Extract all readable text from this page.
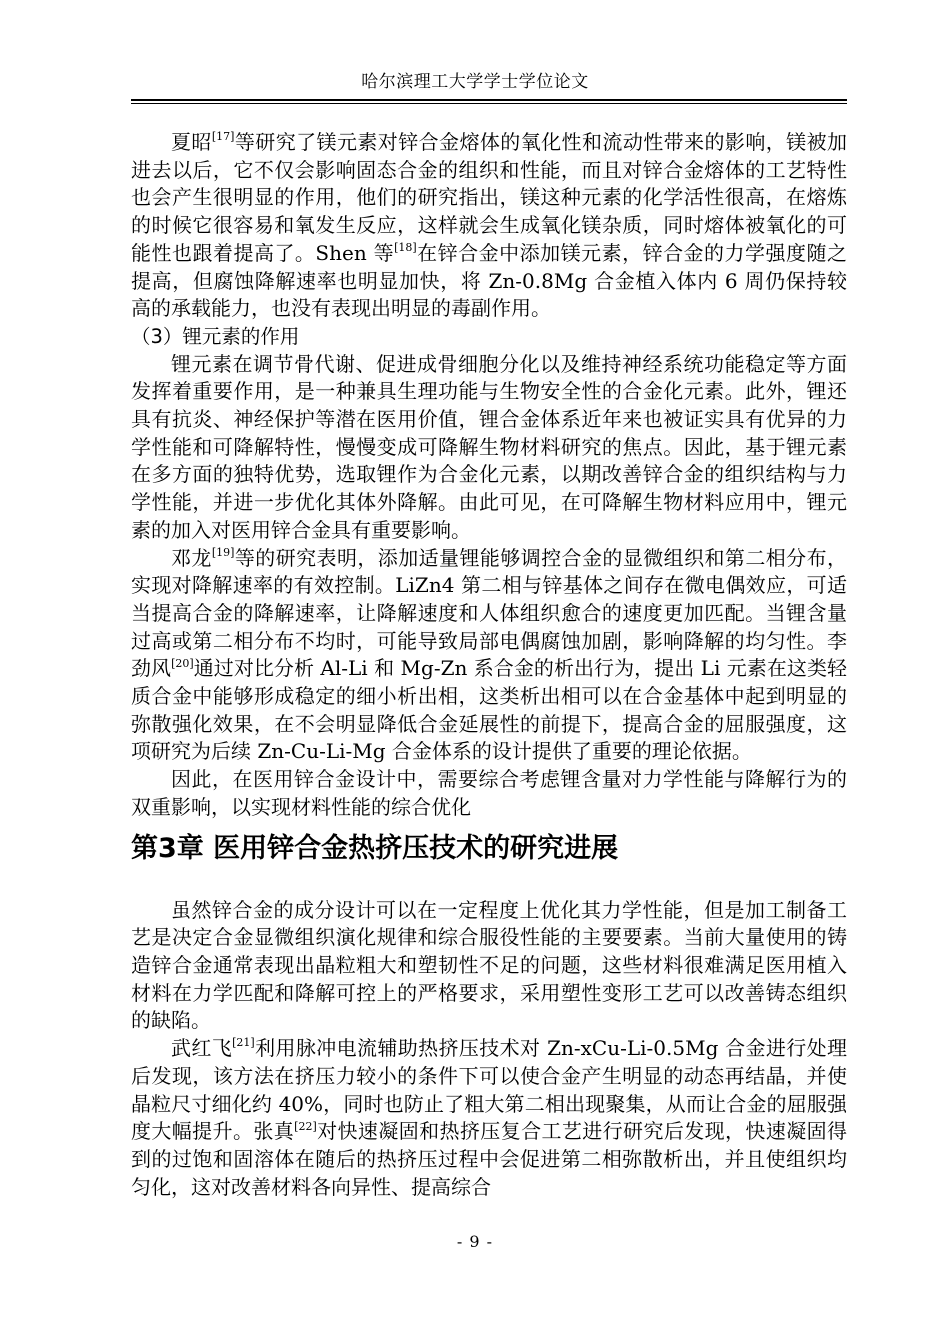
哈尔滨理工大学学士学位论文

夏昭[17]等研究了镁元素对锌合金熔体的氧化性和流动性带来的影响，镁被加进去以后，它不仅会影响固态合金的组织和性能，而且对锌合金熔体的工艺特性也会产生很明显的作用，他们的研究指出，镁这种元素的化学活性很高，在熔炼的时候它很容易和氧发生反应，这样就会生成氧化镁杂质，同时熔体被氧化的可能性也跟着提高了。Shen 等[18]在锌合金中添加镁元素，锌合金的力学强度随之提高，但腐蚀降解速率也明显加快，将 Zn-0.8Mg 合金植入体内 6 周仍保持较高的承载能力，也没有表现出明显的毒副作用。

（3）锂元素的作用

锂元素在调节骨代谢、促进成骨细胞分化以及维持神经系统功能稳定等方面发挥着重要作用，是一种兼具生理功能与生物安全性的合金化元素。此外，锂还具有抗炎、神经保护等潜在医用价值，锂合金体系近年来也被证实具有优异的力学性能和可降解特性，慢慢变成可降解生物材料研究的焦点。因此，基于锂元素在多方面的独特优势，选取锂作为合金化元素，以期改善锌合金的组织结构与力学性能，并进一步优化其体外降解。由此可见，在可降解生物材料应用中，锂元素的加入对医用锌合金具有重要影响。

邓龙[19]等的研究表明，添加适量锂能够调控合金的显微组织和第二相分布，实现对降解速率的有效控制。LiZn4 第二相与锌基体之间存在微电偶效应，可适当提高合金的降解速率，让降解速度和人体组织愈合的速度更加匹配。当锂含量过高或第二相分布不均时，可能导致局部电偶腐蚀加剧，影响降解的均匀性。李劲风[20]通过对比分析 Al-Li 和 Mg-Zn 系合金的析出行为，提出 Li 元素在这类轻质合金中能够形成稳定的细小析出相，这类析出相可以在合金基体中起到明显的弥散强化效果，在不会明显降低合金延展性的前提下，提高合金的屈服强度，这项研究为后续 Zn-Cu-Li-Mg 合金体系的设计提供了重要的理论依据。

因此，在医用锌合金设计中，需要综合考虑锂含量对力学性能与降解行为的双重影响，以实现材料性能的综合优化

第3章 医用锌合金热挤压技术的研究进展

虽然锌合金的成分设计可以在一定程度上优化其力学性能，但是加工制备工艺是决定合金显微组织演化规律和综合服役性能的主要要素。当前大量使用的铸造锌合金通常表现出晶粒粗大和塑韧性不足的问题，这些材料很难满足医用植入材料在力学匹配和降解可控上的严格要求，采用塑性变形工艺可以改善铸态组织的缺陷。

武红飞[21]利用脉冲电流辅助热挤压技术对 Zn-xCu-Li-0.5Mg 合金进行处理后发现，该方法在挤压力较小的条件下可以使合金产生明显的动态再结晶，并使晶粒尺寸细化约 40%，同时也防止了粗大第二相出现聚集，从而让合金的屈服强度大幅提升。张真[22]对快速凝固和热挤压复合工艺进行研究后发现，快速凝固得到的过饱和固溶体在随后的热挤压过程中会促进第二相弥散析出，并且使组织均匀化，这对改善材料各向异性、提高综合

- 9 -
